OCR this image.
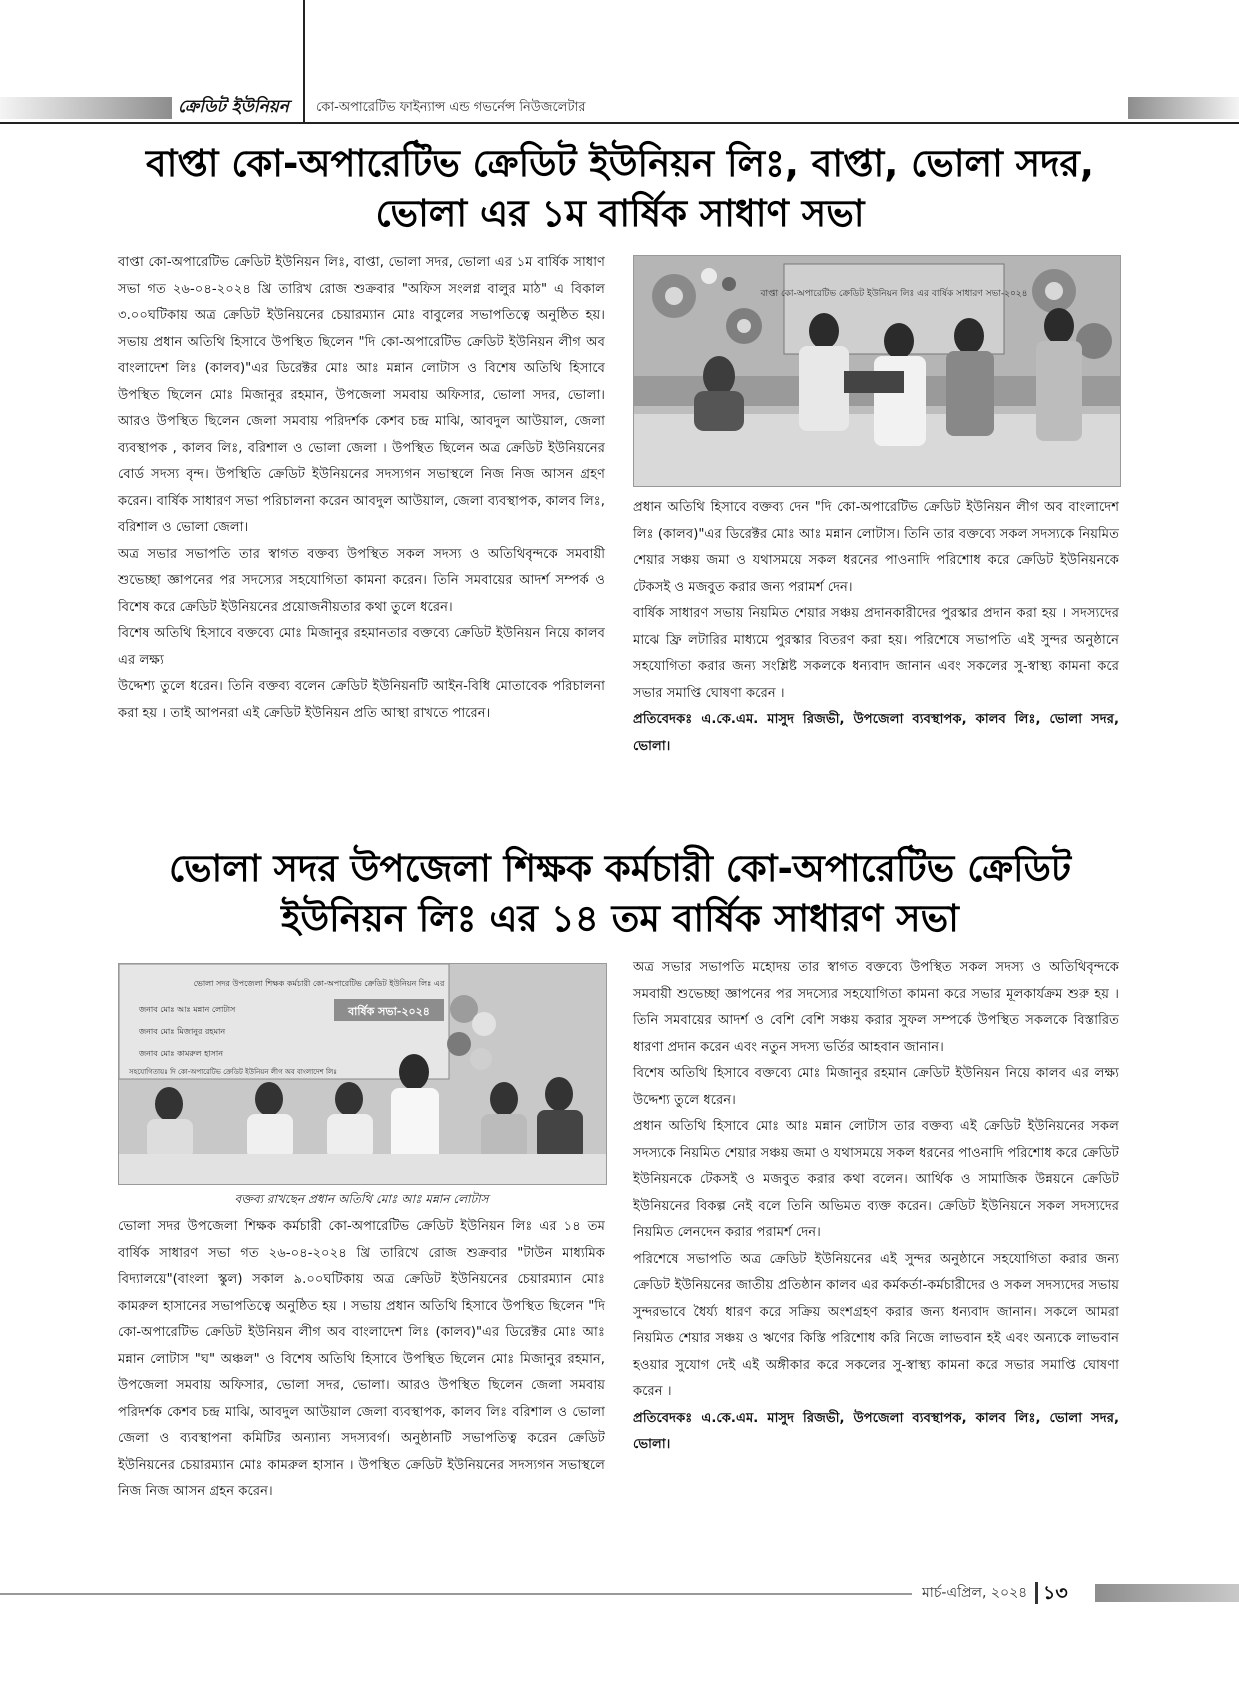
ক্রেডিট ইউনিয়ন	কো-অপারেটিভ ফাইন্যান্স এন্ড গভর্নেন্স নিউজলেটার
বাপ্তা কো-অপারেটিভ ক্রেডিট ইউনিয়ন লিঃ, বাপ্তা, ভোলা সদর,
ভোলা এর ১ম বার্ষিক সাধাণ সভা

বাপ্তা কো-অপারেটিভ ক্রেডিট ইউনিয়ন লিঃ, বাপ্তা, ভোলা সদর, ভোলা এর ১ম বার্ষিক সাধাণ সভা গত ২৬-০৪-২০২৪ খ্রি তারিখ রোজ শুক্রবার "অফিস সংলগ্ন বালুর মাঠ" এ বিকাল ৩.০০ঘটিকায় অত্র ক্রেডিট ইউনিয়নের চেয়ারম্যান মোঃ বাবুলের সভাপতিত্বে অনুষ্ঠিত হয়। সভায় প্রধান অতিথি হিসাবে উপস্থিত ছিলেন "দি কো-অপারেটিভ ক্রেডিট ইউনিয়ন লীগ অব বাংলাদেশ লিঃ (কালব)"এর ডিরেক্টর মোঃ আঃ মন্নান লোটাস ও বিশেষ অতিথি হিসাবে উপস্থিত ছিলেন মোঃ মিজানুর রহমান, উপজেলা সমবায় অফিসার, ভোলা সদর, ভোলা। আরও উপস্থিত ছিলেন জেলা সমবায় পরিদর্শক কেশব চন্দ্র মাঝি, আবদুল আউয়াল, জেলা ব্যবস্থাপক , কালব লিঃ, বরিশাল ও ভোলা জেলা । উপস্থিত ছিলেন অত্র ক্রেডিট ইউনিয়নের বোর্ড সদস্য বৃন্দ। উপস্থিতি ক্রেডিট ইউনিয়নের সদস্যগন সভাস্থলে নিজ নিজ আসন গ্রহণ করেন। বার্ষিক সাধারণ সভা পরিচালনা করেন আবদুল আউয়াল, জেলা ব্যবস্থাপক, কালব লিঃ, বরিশাল ও ভোলা জেলা।

অত্র সভার সভাপতি তার স্বাগত বক্তব্য উপস্থিত সকল সদস্য ও অতিথিবৃন্দকে সমবায়ী শুভেচ্ছা জ্ঞাপনের পর সদস্যের সহযোগিতা কামনা করেন। তিনি সমবায়ের আদর্শ সম্পর্ক ও বিশেষ করে ক্রেডিট ইউনিয়নের প্রয়োজনীয়তার কথা তুলে ধরেন।

বিশেষ অতিথি হিসাবে বক্তব্যে মোঃ মিজানুর রহমানতার বক্তব্যে ক্রেডিট ইউনিয়ন নিয়ে কালব এর লক্ষ্য

উদ্দেশ্য তুলে ধরেন। তিনি বক্তব্য বলেন ক্রেডিট ইউনিয়নটি আইন-বিধি মোতাবেক পরিচালনা করা হয় । তাই আপনরা এই ক্রেডিট ইউনিয়ন প্রতি আস্থা রাখতে পারেন।

বাপ্তা কো-অপারেটিভ ক্রেডিট ইউনিয়ন লিঃ এর বার্ষিক সাধারণ সভা-২০২৪

প্রধান অতিথি হিসাবে বক্তব্য দেন "দি কো-অপারেটিভ ক্রেডিট ইউনিয়ন লীগ অব বাংলাদেশ লিঃ (কালব)"এর ডিরেক্টর মোঃ আঃ মন্নান লোটাস। তিনি তার বক্তব্যে সকল সদস্যকে নিয়মিত শেয়ার সঞ্চয় জমা ও যথাসময়ে সকল ধরনের পাওনাদি পরিশোধ করে ক্রেডিট ইউনিয়নকে টেকসই ও মজবুত করার জন্য পরামর্শ দেন।

বার্ষিক সাধারণ সভায় নিয়মিত শেয়ার সঞ্চয় প্রদানকারীদের পুরস্কার প্রদান করা হয় । সদস্যদের মাঝে ফ্রি লটারির মাধ্যমে পুরস্কার বিতরণ করা হয়। পরিশেষে সভাপতি এই সুন্দর অনুষ্ঠানে সহযোগিতা করার জন্য সংশ্লিষ্ট সকলকে ধন্যবাদ জানান এবং সকলের সু-স্বাস্থ্য কামনা করে সভার সমাপ্তি ঘোষণা করেন ।

প্রতিবেদকঃ এ.কে.এম. মাসুদ রিজভী, উপজেলা ব্যবস্থাপক, কালব লিঃ, ভোলা সদর, ভোলা।

ভোলা সদর উপজেলা শিক্ষক কর্মচারী কো-অপারেটিভ ক্রেডিট
ইউনিয়ন লিঃ এর ১৪ তম বার্ষিক সাধারণ সভা
ভোলা সদর উপজেলা শিক্ষক কর্মচারী কো-অপারেটিভ ক্রেডিট ইউনিয়ন লিঃ এর
বার্ষিক সভা-২০২৪
জনাব মোঃ আঃ মন্নান লোটাস
জনাব মোঃ মিজানুর রহমান
জনাব মোঃ কামরুল হাসান
সহযোগিতায়ঃ দি কো-অপারেটিভ ক্রেডিট ইউনিয়ন লীগ অব বাংলাদেশ লিঃ
বক্তব্য রাখছেন প্রধান অতিথি মোঃ আঃ মন্নান লোটাস

ভোলা সদর উপজেলা শিক্ষক কর্মচারী কো-অপারেটিভ ক্রেডিট ইউনিয়ন লিঃ এর ১৪ তম বার্ষিক সাধারণ সভা গত ২৬-০৪-২০২৪ খ্রি তারিখে রোজ শুক্রবার "টাউন মাধ্যমিক বিদ্যালয়ে"(বাংলা স্কুল) সকাল ৯.০০ঘটিকায় অত্র ক্রেডিট ইউনিয়নের চেয়ারম্যান মোঃ কামরুল হাসানের সভাপতিত্বে অনুষ্ঠিত হয় । সভায় প্রধান অতিথি হিসাবে উপস্থিত ছিলেন "দি কো-অপারেটিভ ক্রেডিট ইউনিয়ন লীগ অব বাংলাদেশ লিঃ (কালব)"এর ডিরেক্টর মোঃ আঃ মন্নান লোটাস "ঘ" অঞ্চল" ও বিশেষ অতিথি হিসাবে উপস্থিত ছিলেন মোঃ মিজানুর রহমান, উপজেলা সমবায় অফিসার, ভোলা সদর, ভোলা। আরও উপস্থিত ছিলেন জেলা সমবায় পরিদর্শক কেশব চন্দ্র মাঝি, আবদুল আউয়াল জেলা ব্যবস্থাপক, কালব লিঃ বরিশাল ও ভোলা জেলা ও ব্যবস্থাপনা কমিটির অন্যান্য সদস্যবর্গ। অনুষ্ঠানটি সভাপতিত্ব করেন ক্রেডিট ইউনিয়নের চেয়ারম্যান মোঃ কামরুল হাসান । উপস্থিত ক্রেডিট ইউনিয়নের সদস্যগন সভাস্থলে নিজ নিজ আসন গ্রহন করেন।

অত্র সভার সভাপতি মহোদয় তার স্বাগত বক্তব্যে উপস্থিত সকল সদস্য ও অতিথিবৃন্দকে সমবায়ী শুভেচ্ছা জ্ঞাপনের পর সদস্যের সহযোগিতা কামনা করে সভার মূলকার্যক্রম শুরু হয় । তিনি সমবায়ের আদর্শ ও বেশি বেশি সঞ্চয় করার সুফল সম্পর্কে উপস্থিত সকলকে বিস্তারিত ধারণা প্রদান করেন এবং নতুন সদস্য ভর্তির আহবান জানান।

বিশেষ অতিথি হিসাবে বক্তব্যে মোঃ মিজানুর রহমান ক্রেডিট ইউনিয়ন নিয়ে কালব এর লক্ষ্য উদ্দেশ্য তুলে ধরেন।

প্রধান অতিথি হিসাবে মোঃ আঃ মন্নান লোটাস তার বক্তব্য এই ক্রেডিট ইউনিয়নের সকল সদস্যকে নিয়মিত শেয়ার সঞ্চয় জমা ও যথাসময়ে সকল ধরনের পাওনাদি পরিশোধ করে ক্রেডিট ইউনিয়নকে টেকসই ও মজবুত করার কথা বলেন। আর্থিক ও সামাজিক উন্নয়নে ক্রেডিট ইউনিয়নের বিকল্প নেই বলে তিনি অভিমত ব্যক্ত করেন। ক্রেডিট ইউনিয়নে সকল সদস্যদের নিয়মিত লেনদেন করার পরামর্শ দেন।

পরিশেষে সভাপতি অত্র ক্রেডিট ইউনিয়নের এই সুন্দর অনুষ্ঠানে সহযোগিতা করার জন্য ক্রেডিট ইউনিয়নের জাতীয় প্রতিষ্ঠান কালব এর কর্মকর্তা-কর্মচারীদের ও সকল সদস্যদের সভায় সুন্দরভাবে ধৈর্য্য ধারণ করে সক্রিয় অংশগ্রহণ করার জন্য ধন্যবাদ জানান। সকলে আমরা নিয়মিত শেয়ার সঞ্চয় ও ঋণের কিস্তি পরিশোধ করি নিজে লাভবান হই এবং অন্যকে লাভবান হওয়ার সুযোগ দেই এই অঙ্গীকার করে সকলের সু-স্বাস্থ্য কামনা করে সভার সমাপ্তি ঘোষণা করেন ।

প্রতিবেদকঃ এ.কে.এম. মাসুদ রিজভী, উপজেলা ব্যবস্থাপক, কালব লিঃ, ভোলা সদর, ভোলা।

মার্চ-এপ্রিল, ২০২৪ ১৩
